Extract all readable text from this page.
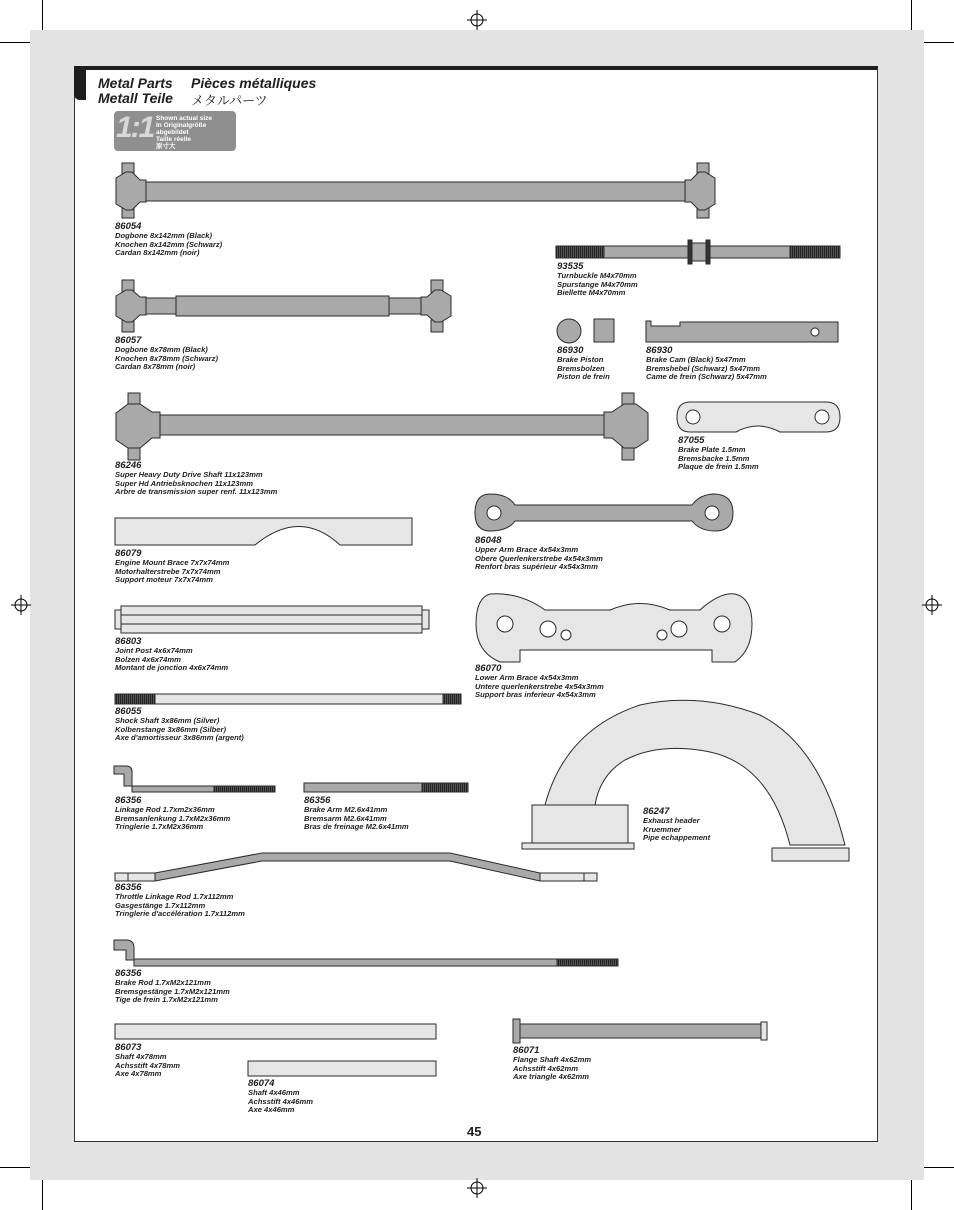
Metal Parts Pièces métalliques
Metall Teile メタルパーツ
1:1 Shown actual size
In Originalgröße abgebildet
Taille réelle
原寸大
86054
Dogbone 8x142mm (Black)
Knochen 8x142mm (Schwarz)
Cardan 8x142mm (noir)
93535
Turnbuckle M4x70mm
Spurstange M4x70mm
Biellette M4x70mm
86057
Dogbone 8x78mm (Black)
Knochen 8x78mm (Schwarz)
Cardan 8x78mm (noir)
86930
Brake Piston
Bremsbolzen
Piston de frein
86930
Brake Cam (Black) 5x47mm
Bremshebel (Schwarz) 5x47mm
Came de frein (Schwarz) 5x47mm
86246
Super Heavy Duty Drive Shaft 11x123mm
Super Hd Antriebsknochen 11x123mm
Arbre de transmission super renf. 11x123mm
87055
Brake Plate 1.5mm
Bremsbacke 1.5mm
Plaque de frein 1.5mm
86079
Engine Mount Brace 7x7x74mm
Motorhalterstrebe 7x7x74mm
Support moteur 7x7x74mm
86048
Upper Arm Brace 4x54x3mm
Obere Querlenkerstrebe 4x54x3mm
Renfort bras supérieur 4x54x3mm
86803
Joint Post 4x6x74mm
Bolzen 4x6x74mm
Montant de jonction 4x6x74mm	86070
Lower Arm Brace 4x54x3mm
Untere querlenkerstrebe 4x54x3mm
Support bras inferieur 4x54x3mm
86055
Shock Shaft 3x86mm (Silver)
Kolbenstange 3x86mm (Silber)
Axe d'amortisseur 3x86mm (argent)
86356
Linkage Rod 1.7xm2x36mm
Bremsanlenkung 1.7xM2x36mm
Tringlerie 1.7xM2x36mm
86356
Brake Arm M2.6x41mm
Bremsarm M2.6x41mm
Bras de freinage M2.6x41mm
86247
Exhaust header
Kruemmer
Pipe echappement
86356
Throttle Linkage Rod 1.7x112mm
Gasgestänge 1.7x112mm
Tringlerie d'accélération 1.7x112mm
86356
Brake Rod 1.7xM2x121mm
Bremsgestänge 1.7xM2x121mm
Tige de frein 1.7xM2x121mm
86073
Shaft 4x78mm
Achsstift 4x78mm
Axe 4x78mm
86071
Flange Shaft 4x62mm
Achsstift 4x62mm
Axe triangle 4x62mm
86074
Shaft 4x46mm
Achsstift 4x46mm
Axe 4x46mm
45
